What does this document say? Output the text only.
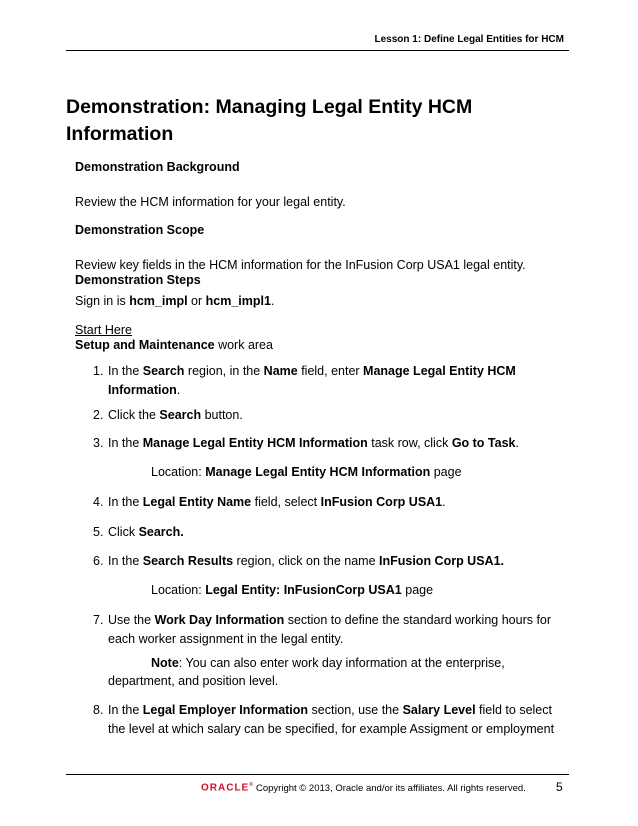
Lesson 1: Define Legal Entities for HCM
Demonstration: Managing Legal Entity HCM Information
Demonstration Background
Review the HCM information for your legal entity.
Demonstration Scope
Review key fields in the HCM information for the InFusion Corp USA1 legal entity.
Demonstration Steps
Sign in is hcm_impl or hcm_impl1.
Start Here
Setup and Maintenance work area
1. In the Search region, in the Name field, enter Manage Legal Entity HCM
Information.
2. Click the Search button.
3. In the Manage Legal Entity HCM Information task row, click Go to Task.
Location: Manage Legal Entity HCM Information page
4. In the Legal Entity Name field, select InFusion Corp USA1.
5. Click Search.
6. In the Search Results region, click on the name InFusion Corp USA1.
Location: Legal Entity: InFusionCorp USA1 page
7. Use the Work Day Information section to define the standard working hours for
each worker assignment in the legal entity.
Note: You can also enter work day information at the enterprise,
department, and position level.
8. In the Legal Employer Information section, use the Salary Level field to select
the level at which salary can be specified, for example Assigment or employment
ORACLE® Copyright © 2013, Oracle and/or its affiliates. All rights reserved.	5
